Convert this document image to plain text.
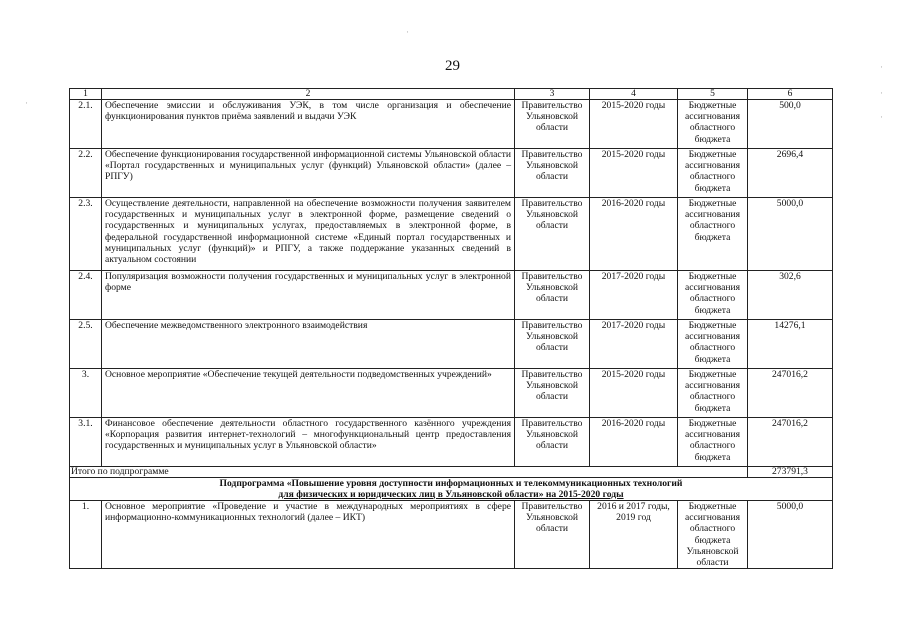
29
·
·
·
·
·
1	2	3	4	5	6
2.1.	Обеспечение эмиссии и обслуживания УЭК, в том числе организация и обеспечение функционирования пунктов приёма заявлений и выдачи УЭК	Правительство Ульяновской области	2015-2020 годы	Бюджетные ассигнования областного бюджета	500,0
2.2.	Обеспечение функционирования государственной информационной системы Ульяновской области «Портал государственных и муниципальных услуг (функций) Ульяновской области» (далее – РПГУ)	Правительство Ульяновской области	2015-2020 годы	Бюджетные ассигнования областного бюджета	2696,4
2.3.	Осуществление деятельности, направленной на обеспечение возможности получения заявителем государственных и муниципальных услуг в электронной форме, размещение сведений о государственных и муниципальных услугах, предоставляемых в электронной форме, в федеральной государственной информационной системе «Единый портал государственных и муниципальных услуг (функций)» и РПГУ, а также поддержание указанных сведений в актуальном состоянии	Правительство Ульяновской области	2016-2020 годы	Бюджетные ассигнования областного бюджета	5000,0
2.4.	Популяризация возможности получения государственных и муниципальных услуг в электронной форме	Правительство Ульяновской области	2017-2020 годы	Бюджетные ассигнования областного бюджета	302,6
2.5.	Обеспечение межведомственного электронного взаимодействия	Правительство Ульяновской области	2017-2020 годы	Бюджетные ассигнования областного бюджета	14276,1
3.	Основное мероприятие «Обеспечение текущей деятельности подведомственных учреждений»	Правительство Ульяновской области	2015-2020 годы	Бюджетные ассигнования областного бюджета	247016,2
3.1.	Финансовое обеспечение деятельности областного государственного казённого учреждения «Корпорация развития интернет-технологий – многофункциональный центр предоставления государственных и муниципальных услуг в Ульяновской области»	Правительство Ульяновской области	2016-2020 годы	Бюджетные ассигнования областного бюджета	247016,2
Итого по подпрограмме					273791,3
Подпрограмма «Повышение уровня доступности информационных и телекоммуникационных технологий
для физических и юридических лиц в Ульяновской области» на 2015-2020 годы					
1.	Основное мероприятие «Проведение и участие в международных мероприятиях в сфере информационно-коммуникационных технологий (далее – ИКТ)	Правительство Ульяновской области	2016 и 2017 годы, 2019 год	Бюджетные ассигнования областного бюджета Ульяновской области	5000,0
